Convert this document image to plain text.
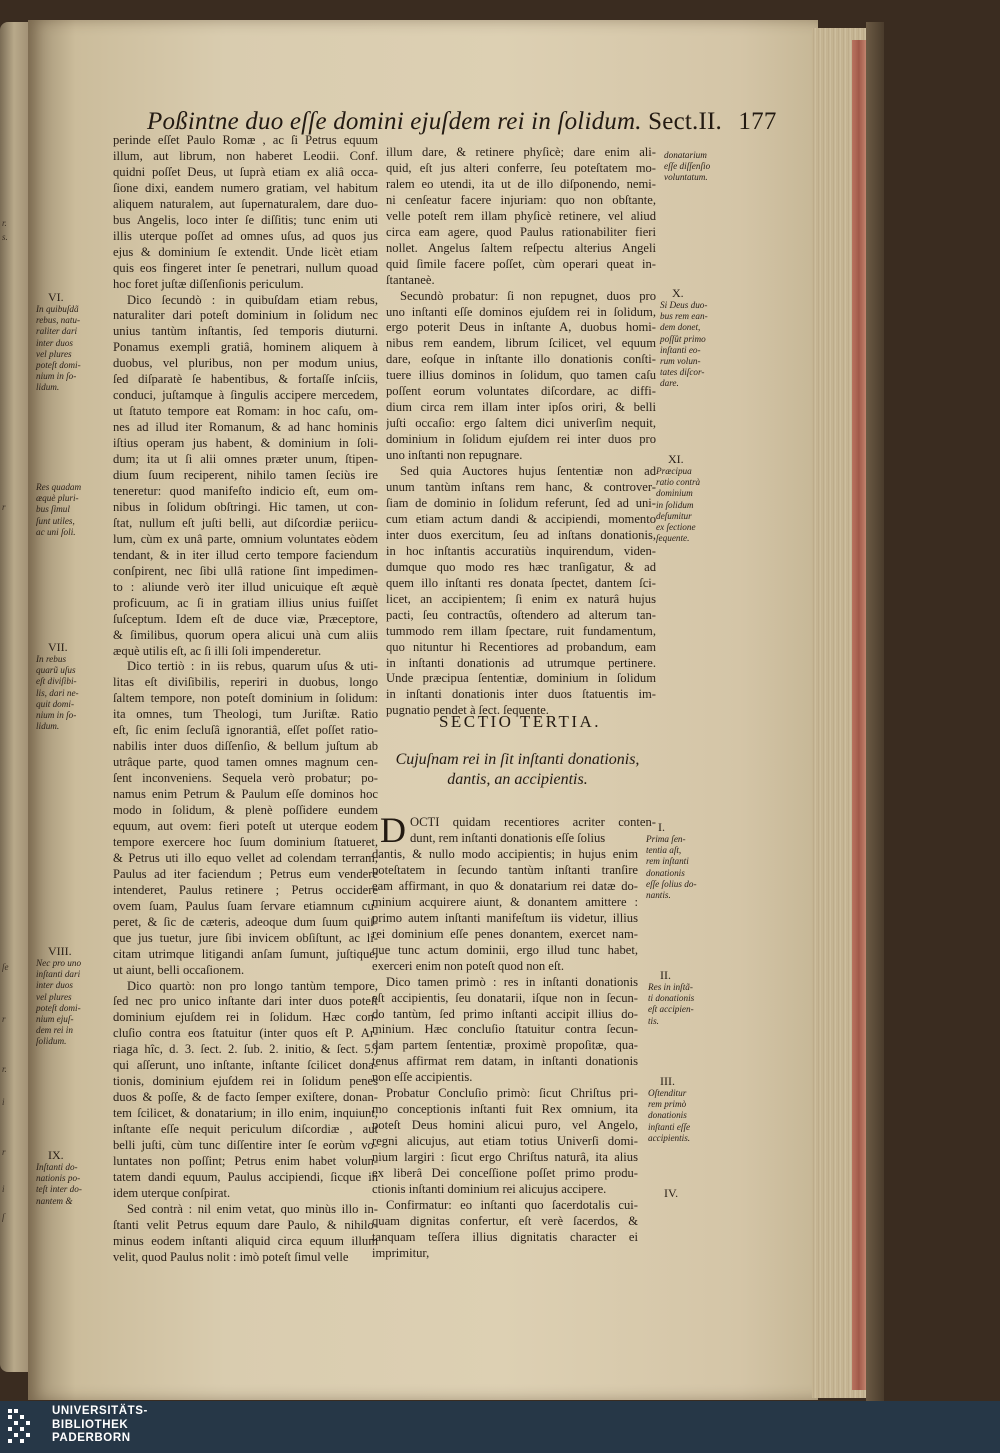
r.
s.
r
ſe
r
r.
i
r
i
ſ
Poßintne duo eſſe domini ejuſdem rei in ſolidum. Sect.II. 177
perinde eſſet Paulo Romæ , ac ſi Petrus equum
illum, aut librum, non haberet Leodii. Conf.
quidni poſſet Deus, ut ſuprà etiam ex aliâ occa-
ſione dixi, eandem numero gratiam, vel habitum
aliquem naturalem, aut ſupernaturalem, dare duo-
bus Angelis, loco inter ſe diſſitis; tunc enim uti
illis uterque poſſet ad omnes uſus, ad quos jus
ejus & dominium ſe extendit. Unde licèt etiam
quis eos fingeret inter ſe penetrari, nullum quoad
hoc foret juſtæ diſſenſionis periculum.
Dico ſecundò : in quibuſdam etiam rebus,
naturaliter dari poteſt dominium in ſolidum nec
unius tantùm inſtantis, ſed temporis diuturni.
Ponamus exempli gratiâ, hominem aliquem à
duobus, vel pluribus, non per modum unius,
ſed diſparatè ſe habentibus, & fortaſſe inſciis,
conduci, juſtamque à ſingulis accipere mercedem,
ut ſtatuto tempore eat Romam: in hoc caſu, om-
nes ad illud iter Romanum, & ad hanc hominis
iſtius operam jus habent, & dominium in ſoli-
dum; ita ut ſi alii omnes præter unum, ſtipen-
dium ſuum reciperent, nihilo tamen ſeciùs ire
teneretur: quod manifeſto indicio eſt, eum om-
nibus in ſolidum obſtringi. Hic tamen, ut con-
ſtat, nullum eſt juſti belli, aut diſcordiæ periicu-
lum, cùm ex unâ parte, omnium voluntates eòdem
tendant, & in iter illud certo tempore faciendum
conſpirent, nec ſibi ullâ ratione ſint impedimen-
to : aliunde verò iter illud unicuique eſt æquè
proficuum, ac ſi in gratiam illius unius fuiſſet
ſuſceptum. Idem eſt de duce viæ, Præceptore,
& ſimilibus, quorum opera alicui unà cum aliis
æquè utilis eſt, ac ſi illi ſoli impenderetur.
Dico tertiò : in iis rebus, quarum uſus & uti-
litas eſt diviſibilis, reperiri in duobus, longo
ſaltem tempore, non poteſt dominium in ſolidum:
ita omnes, tum Theologi, tum Juriſtæ. Ratio
eſt, ſic enim ſecluſâ ignorantiâ, eſſet poſſet ratio-
nabilis inter duos diſſenſio, & bellum juſtum ab
utrâque parte, quod tamen omnes magnum cen-
ſent inconveniens. Sequela verò probatur; po-
namus enim Petrum & Paulum eſſe dominos hoc
modo in ſolidum, & plenè poſſidere eundem
equum, aut ovem: fieri poteſt ut uterque eodem
tempore exercere hoc ſuum dominium ſtatueret,
& Petrus uti illo equo vellet ad colendam terram,
Paulus ad iter faciendum ; Petrus eum vendere
intenderet, Paulus retinere ; Petrus occidere
ovem ſuam, Paulus ſuam ſervare etiamnum cu-
peret, & ſic de cæteris, adeoque dum ſuum quiſ-
que jus tuetur, jure ſibi invicem obſiſtunt, ac li-
citam utrimque litigandi anſam ſumunt, juſtique,
ut aiunt, belli occaſionem.
Dico quartò: non pro longo tantùm tempore,
ſed nec pro unico inſtante dari inter duos poteſt
dominium ejuſdem rei in ſolidum. Hæc con-
cluſio contra eos ſtatuitur (inter quos eſt P. Ar-
riaga hîc, d. 3. ſect. 2. ſub. 2. initio, & ſect. 5.)
qui aſſerunt, uno inſtante, inſtante ſcilicet dona-
tionis, dominium ejuſdem rei in ſolidum penes
duos & poſſe, & de facto ſemper exiſtere, donan-
tem ſcilicet, & donatarium; in illo enim, inquiunt,
inſtante eſſe nequit periculum diſcordiæ , aut
belli juſti, cùm tunc diſſentire inter ſe eorùm vo-
luntates non poſſint; Petrus enim habet volun-
tatem dandi equum, Paulus accipiendi, ſicque in
idem uterque conſpirat.
Sed contrà : nil enim vetat, quo minùs illo in-
ſtanti velit Petrus equum dare Paulo, & nihilo-
minus eodem inſtanti aliquid circa equum illum
velit, quod Paulus nolit : imò poteſt ſimul velle
illum dare, & retinere phyſicè; dare enim ali-
quid, eſt jus alteri conferre, ſeu poteſtatem mo-
ralem eo utendi, ita ut de illo diſponendo, nemi-
ni cenſeatur facere injuriam: quo non obſtante,
velle poteſt rem illam phyſicè retinere, vel aliud
circa eam agere, quod Paulus rationabiliter fieri
nollet. Angelus ſaltem reſpectu alterius Angeli
quid ſimile facere poſſet, cùm operari queat in-
ſtantaneè.
Secundò probatur: ſi non repugnet, duos pro
uno inſtanti eſſe dominos ejuſdem rei in ſolidum,
ergo poterit Deus in inſtante A, duobus homi-
nibus rem eandem, librum ſcilicet, vel equum
dare, eoſque in inſtante illo donationis conſti-
tuere illius dominos in ſolidum, quo tamen caſu
poſſent eorum voluntates diſcordare, ac diffi-
dium circa rem illam inter ipſos oriri, & belli
juſti occaſio: ergo ſaltem dici univerſim nequit,
dominium in ſolidum ejuſdem rei inter duos pro
uno inſtanti non repugnare.
Sed quia Auctores hujus ſententiæ non ad
unum tantùm inſtans rem hanc, & controver-
ſiam de dominio in ſolidum referunt, ſed ad uni-
cum etiam actum dandi & accipiendi, momento
inter duos exercitum, ſeu ad inſtans donationis,
in hoc inſtantis accuratiùs inquirendum, viden-
dumque quo modo res hæc tranſigatur, & ad
quem illo inſtanti res donata ſpectet, dantem ſci-
licet, an accipientem; ſi enim ex naturâ hujus
pacti, ſeu contractûs, oſtendero ad alterum tan-
tummodo rem illam ſpectare, ruit fundamentum,
quo nituntur hi Recentiores ad probandum, eam
in inſtanti donationis ad utrumque pertinere.
Unde præcipua ſententiæ, dominium in ſolidum
in inſtanti donationis inter duos ſtatuentis im-
pugnatio pendet à ſect. ſequente.
SECTIO TERTIA.
Cujuſnam rei in ſit inſtanti donationis,
dantis, an accipientis.
D OCTI quidam recentiores acriter conten-
dunt, rem inſtanti donationis eſſe ſolius
dantis, & nullo modo accipientis; in hujus enim
poteſtatem in ſecundo tantùm inſtanti tranſire
eam affirmant, in quo & donatarium rei datæ do-
minium acquirere aiunt, & donantem amittere :
primo autem inſtanti manifeſtum iis videtur, illius
rei dominium eſſe penes donantem, exercet nam-
que tunc actum dominii, ergo illud tunc habet,
exerceri enim non poteſt quod non eſt.
Dico tamen primò : res in inſtanti donationis
eſt accipientis, ſeu donatarii, iſque non in ſecun-
do tantùm, ſed primo inſtanti accipit illius do-
minium. Hæc concluſio ſtatuitur contra ſecun-
dam partem ſententiæ, proximè propoſitæ, qua-
tenus affirmat rem datam, in inſtanti donationis
non eſſe accipientis.
Probatur Concluſio primò: ſicut Chriſtus pri-
mo conceptionis inſtanti fuit Rex omnium, ita
poteſt Deus homini alicui puro, vel Angelo,
regni alicujus, aut etiam totius Univerſi domi-
nium largiri : ſicut ergo Chriſtus naturâ, ita alius
ex liberâ Dei conceſſione poſſet primo produ-
ctionis inſtanti dominium rei alicujus accipere.
Confirmatur: eo inſtanti quo ſacerdotalis cui-
quam dignitas confertur, eſt verè ſacerdos, &
tanquam teſſera illius dignitatis character ei
imprimitur,
VI.
In quibuſdã
rebus, natu-
raliter dari
inter duos
vel plures
poteſt domi-
nium in ſo-
lidum.
Res quadam
æquè pluri-
bus ſimul
ſunt utiles,
ac uni ſoli.
VII.
In rebus
quarũ uſus
eſt diviſibi-
lis, dari ne-
quit domi-
nium in ſo-
lidum.
VIII.
Nec pro uno
inſtanti dari
inter duos
vel plures
poteſt domi-
nium ejuſ-
dem rei in
ſolidum.
IX.
Inſtanti do-
nationis po-
teſt inter do-
nantem &
donatarium
eſſe diſſenſio
voluntatum.
X.
Si Deus duo-
bus rem ean-
dem donet,
poſſût primo
inſtanti eo-
rum volun-
tates diſcor-
dare.
XI.
Præcipua
ratio contrà
dominium
in ſolidum
deſumitur
ex ſectione
ſequente.
I.
Prima ſen-
tentia aſt,
rem inſtanti
donationis
eſſe ſolius do-
nantis.
II.
Res in inſtã-
ti donationis
eſt accipien-
tis.
III.
Oſtenditur
rem primò
donationis
inſtanti eſſe
accipientis.
IV.
UNIVERSITÄTS-
BIBLIOTHEK
PADERBORN
